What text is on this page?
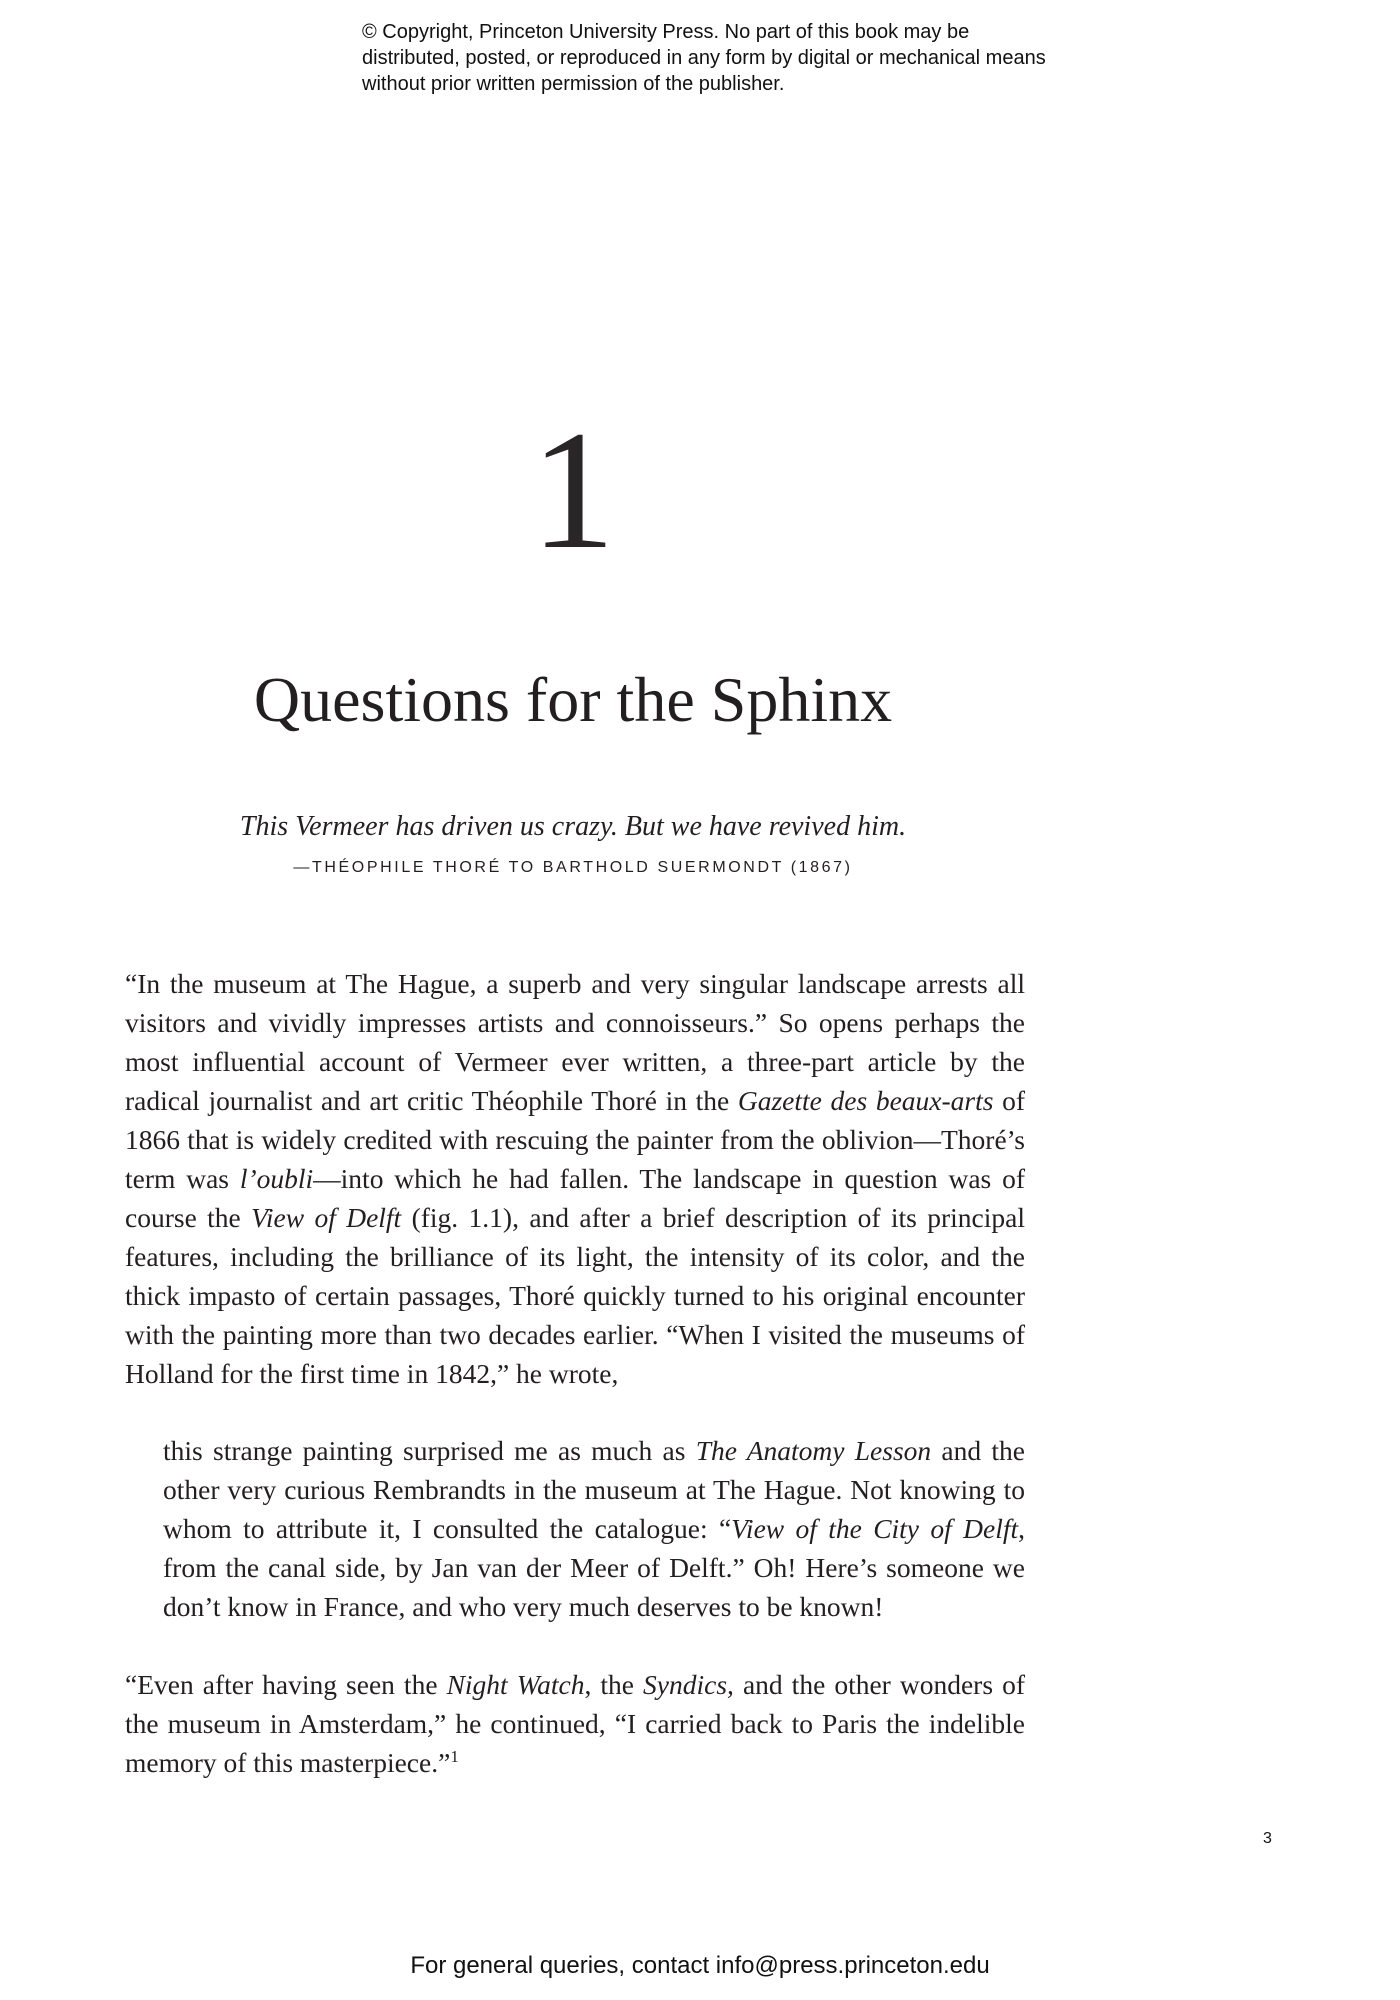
© Copyright, Princeton University Press. No part of this book may be distributed, posted, or reproduced in any form by digital or mechanical means without prior written permission of the publisher.
1
Questions for the Sphinx
This Vermeer has driven us crazy. But we have revived him.
—THÉOPHILE THORÉ TO BARTHOLD SUERMONDT (1867)

“In the museum at The Hague, a superb and very singular landscape arrests all visitors and vividly impresses artists and connoisseurs.” So opens perhaps the most influential account of Vermeer ever written, a three-part article by the radical journalist and art critic Théophile Thoré in the Gazette des beaux-arts of 1866 that is widely credited with rescuing the painter from the oblivion—Thoré’s term was l’oubli—into which he had fallen. The landscape in question was of course the View of Delft (fig. 1.1), and after a brief description of its principal features, including the brilliance of its light, the intensity of its color, and the thick impasto of certain passages, Thoré quickly turned to his original encounter with the painting more than two decades earlier. “When I visited the museums of Holland for the first time in 1842,” he wrote,

this strange painting surprised me as much as The Anatomy Lesson and the other very curious Rembrandts in the museum at The Hague. Not knowing to whom to attribute it, I consulted the catalogue: “View of the City of Delft, from the canal side, by Jan van der Meer of Delft.” Oh! Here’s someone we don’t know in France, and who very much deserves to be known!

“Even after having seen the Night Watch, the Syndics, and the other wonders of the museum in Amsterdam,” he continued, “I carried back to Paris the indelible memory of this masterpiece.”$^1$

3
For general queries, contact info@press.princeton.edu
